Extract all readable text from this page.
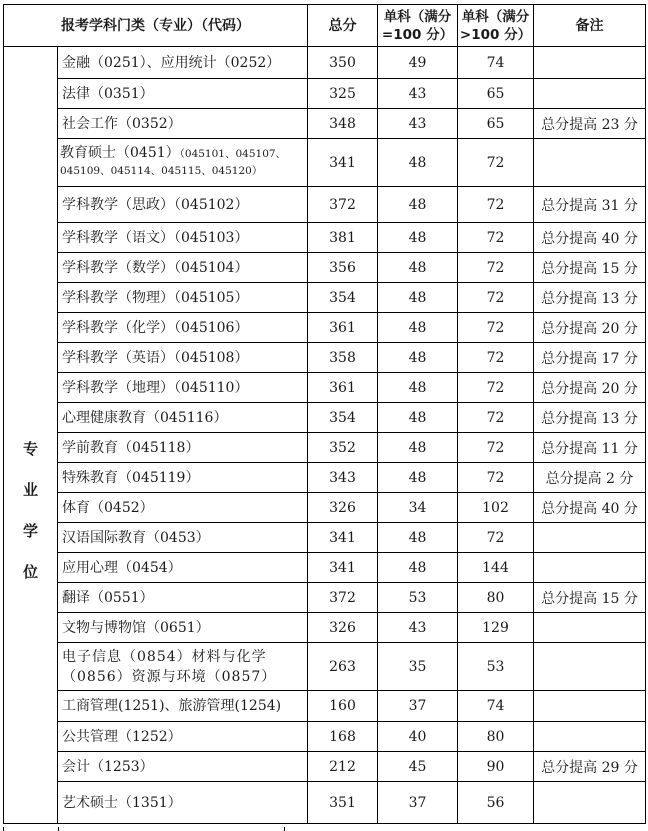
报考学科门类（专业）（代码）		总分	单科（满分=100 分）	单科（满分>100 分）	备注

专
业
学
位	金融（0251）、应用统计（0252）	350	49	74	
	法律（0351）	325	43	65	
	社会工作（0352）	348	43	65	总分提高 23 分
	教育硕士（0451）（045101、045107、045109、045114、045115、045120）	341	48	72	
	学科教学（思政）（045102）	372	48	72	总分提高 31 分
	学科教学（语文）（045103）	381	48	72	总分提高 40 分
	学科教学（数学）（045104）	356	48	72	总分提高 15 分
	学科教学（物理）（045105）	354	48	72	总分提高 13 分
	学科教学（化学）（045106）	361	48	72	总分提高 20 分
	学科教学（英语）（045108）	358	48	72	总分提高 17 分
	学科教学（地理）（045110）	361	48	72	总分提高 20 分
	心理健康教育（045116）	354	48	72	总分提高 13 分
	学前教育（045118）	352	48	72	总分提高 11 分
	特殊教育（045119）	343	48	72	总分提高 2 分
	体育（0452）	326	34	102	总分提高 40 分
	汉语国际教育（0453）	341	48	72	
	应用心理（0454）	341	48	144	
	翻译（0551）	372	53	80	总分提高 15 分
	文物与博物馆（0651）	326	43	129	
	电子信息（0854）材料与化学（0856）资源与环境（0857）	263	35	53	
	工商管理(1251)、旅游管理(1254)	160	37	74	
	公共管理（1252）	168	40	80	
	会计（1253）	212	45	90	总分提高 29 分
	艺术硕士（1351）	351	37	56	
